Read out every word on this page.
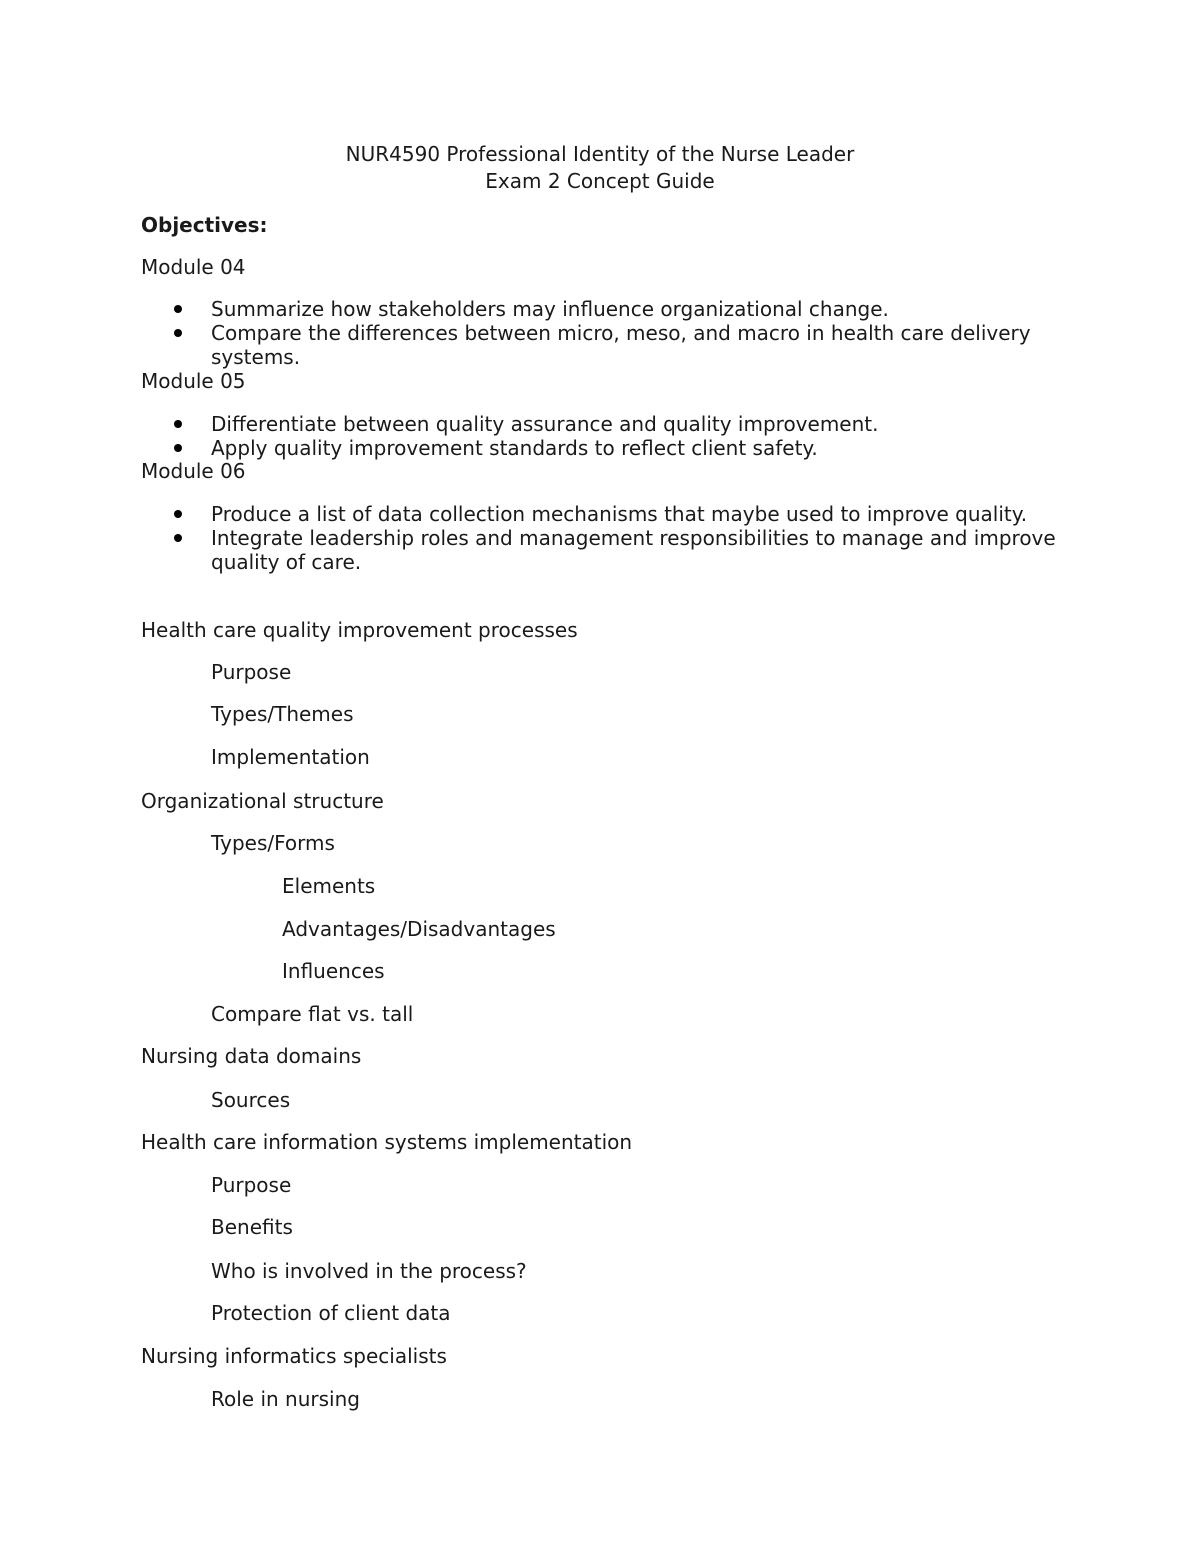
NUR4590 Professional Identity of the Nurse Leader
Exam 2 Concept Guide
Objectives:
Module 04
Summarize how stakeholders may influence organizational change.
Compare the differences between micro, meso, and macro in health care delivery systems.
Module 05
Differentiate between quality assurance and quality improvement.
Apply quality improvement standards to reflect client safety.
Module 06
Produce a list of data collection mechanisms that maybe used to improve quality.
Integrate leadership roles and management responsibilities to manage and improve quality of care.
Health care quality improvement processes
Purpose
Types/Themes
Implementation
Organizational structure
Types/Forms
Elements
Advantages/Disadvantages
Influences
Compare flat vs. tall
Nursing data domains
Sources
Health care information systems implementation
Purpose
Benefits
Who is involved in the process?
Protection of client data
Nursing informatics specialists
Role in nursing
